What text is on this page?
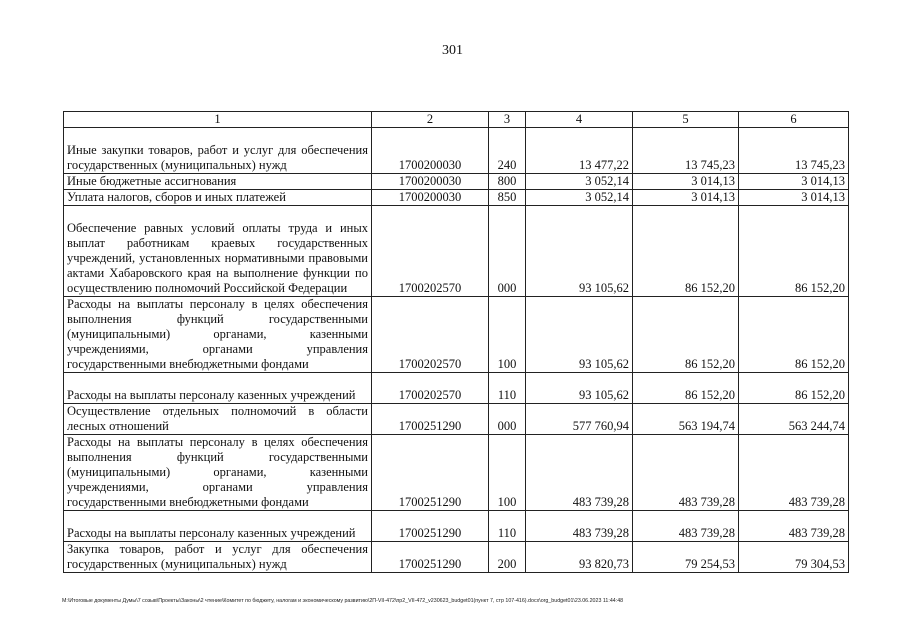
301
1	2	3	4	5	6
Иные закупки товаров, работ и услуг для обеспечения государственных (муниципальных) нужд	1700200030	240	13 477,22	13 745,23	13 745,23
Иные бюджетные ассигнования	1700200030	800	3 052,14	3 014,13	3 014,13
Уплата налогов, сборов и иных платежей	1700200030	850	3 052,14	3 014,13	3 014,13
Обеспечение равных условий оплаты труда и иных выплат работникам краевых государственных учреждений, установленных нормативными правовыми актами Хабаровского края на выполнение функции по осуществлению полномочий Российской Федерации	1700202570	000	93 105,62	86 152,20	86 152,20
Расходы на выплаты персоналу в целях обеспечения выполнения функций государственными (муниципальными) органами, казенными учреждениями, органами управления государственными внебюджетными фондами	1700202570	100	93 105,62	86 152,20	86 152,20
Расходы на выплаты персоналу казенных учреждений	1700202570	110	93 105,62	86 152,20	86 152,20
Осуществление отдельных полномочий в области лесных отношений	1700251290	000	577 760,94	563 194,74	563 244,74
Расходы на выплаты персоналу в целях обеспечения выполнения функций государственными (муниципальными) органами, казенными учреждениями, органами управления государственными внебюджетными фондами	1700251290	100	483 739,28	483 739,28	483 739,28
Расходы на выплаты персоналу казенных учреждений	1700251290	110	483 739,28	483 739,28	483 739,28
Закупка товаров, работ и услуг для обеспечения государственных (муниципальных) нужд	1700251290	200	93 820,73	79 254,53	79 304,53
M:\Итоговые документы Думы\7 созыв\Проекты\Законы\2 чтение\Комитет по бюджету, налогам и экономическому развитию\2П-VII-472\пр2_VII-472_v230623_budget01(пункт 7, стр 107-416).docx\org_budget01\23.06.2023 11:44:48
